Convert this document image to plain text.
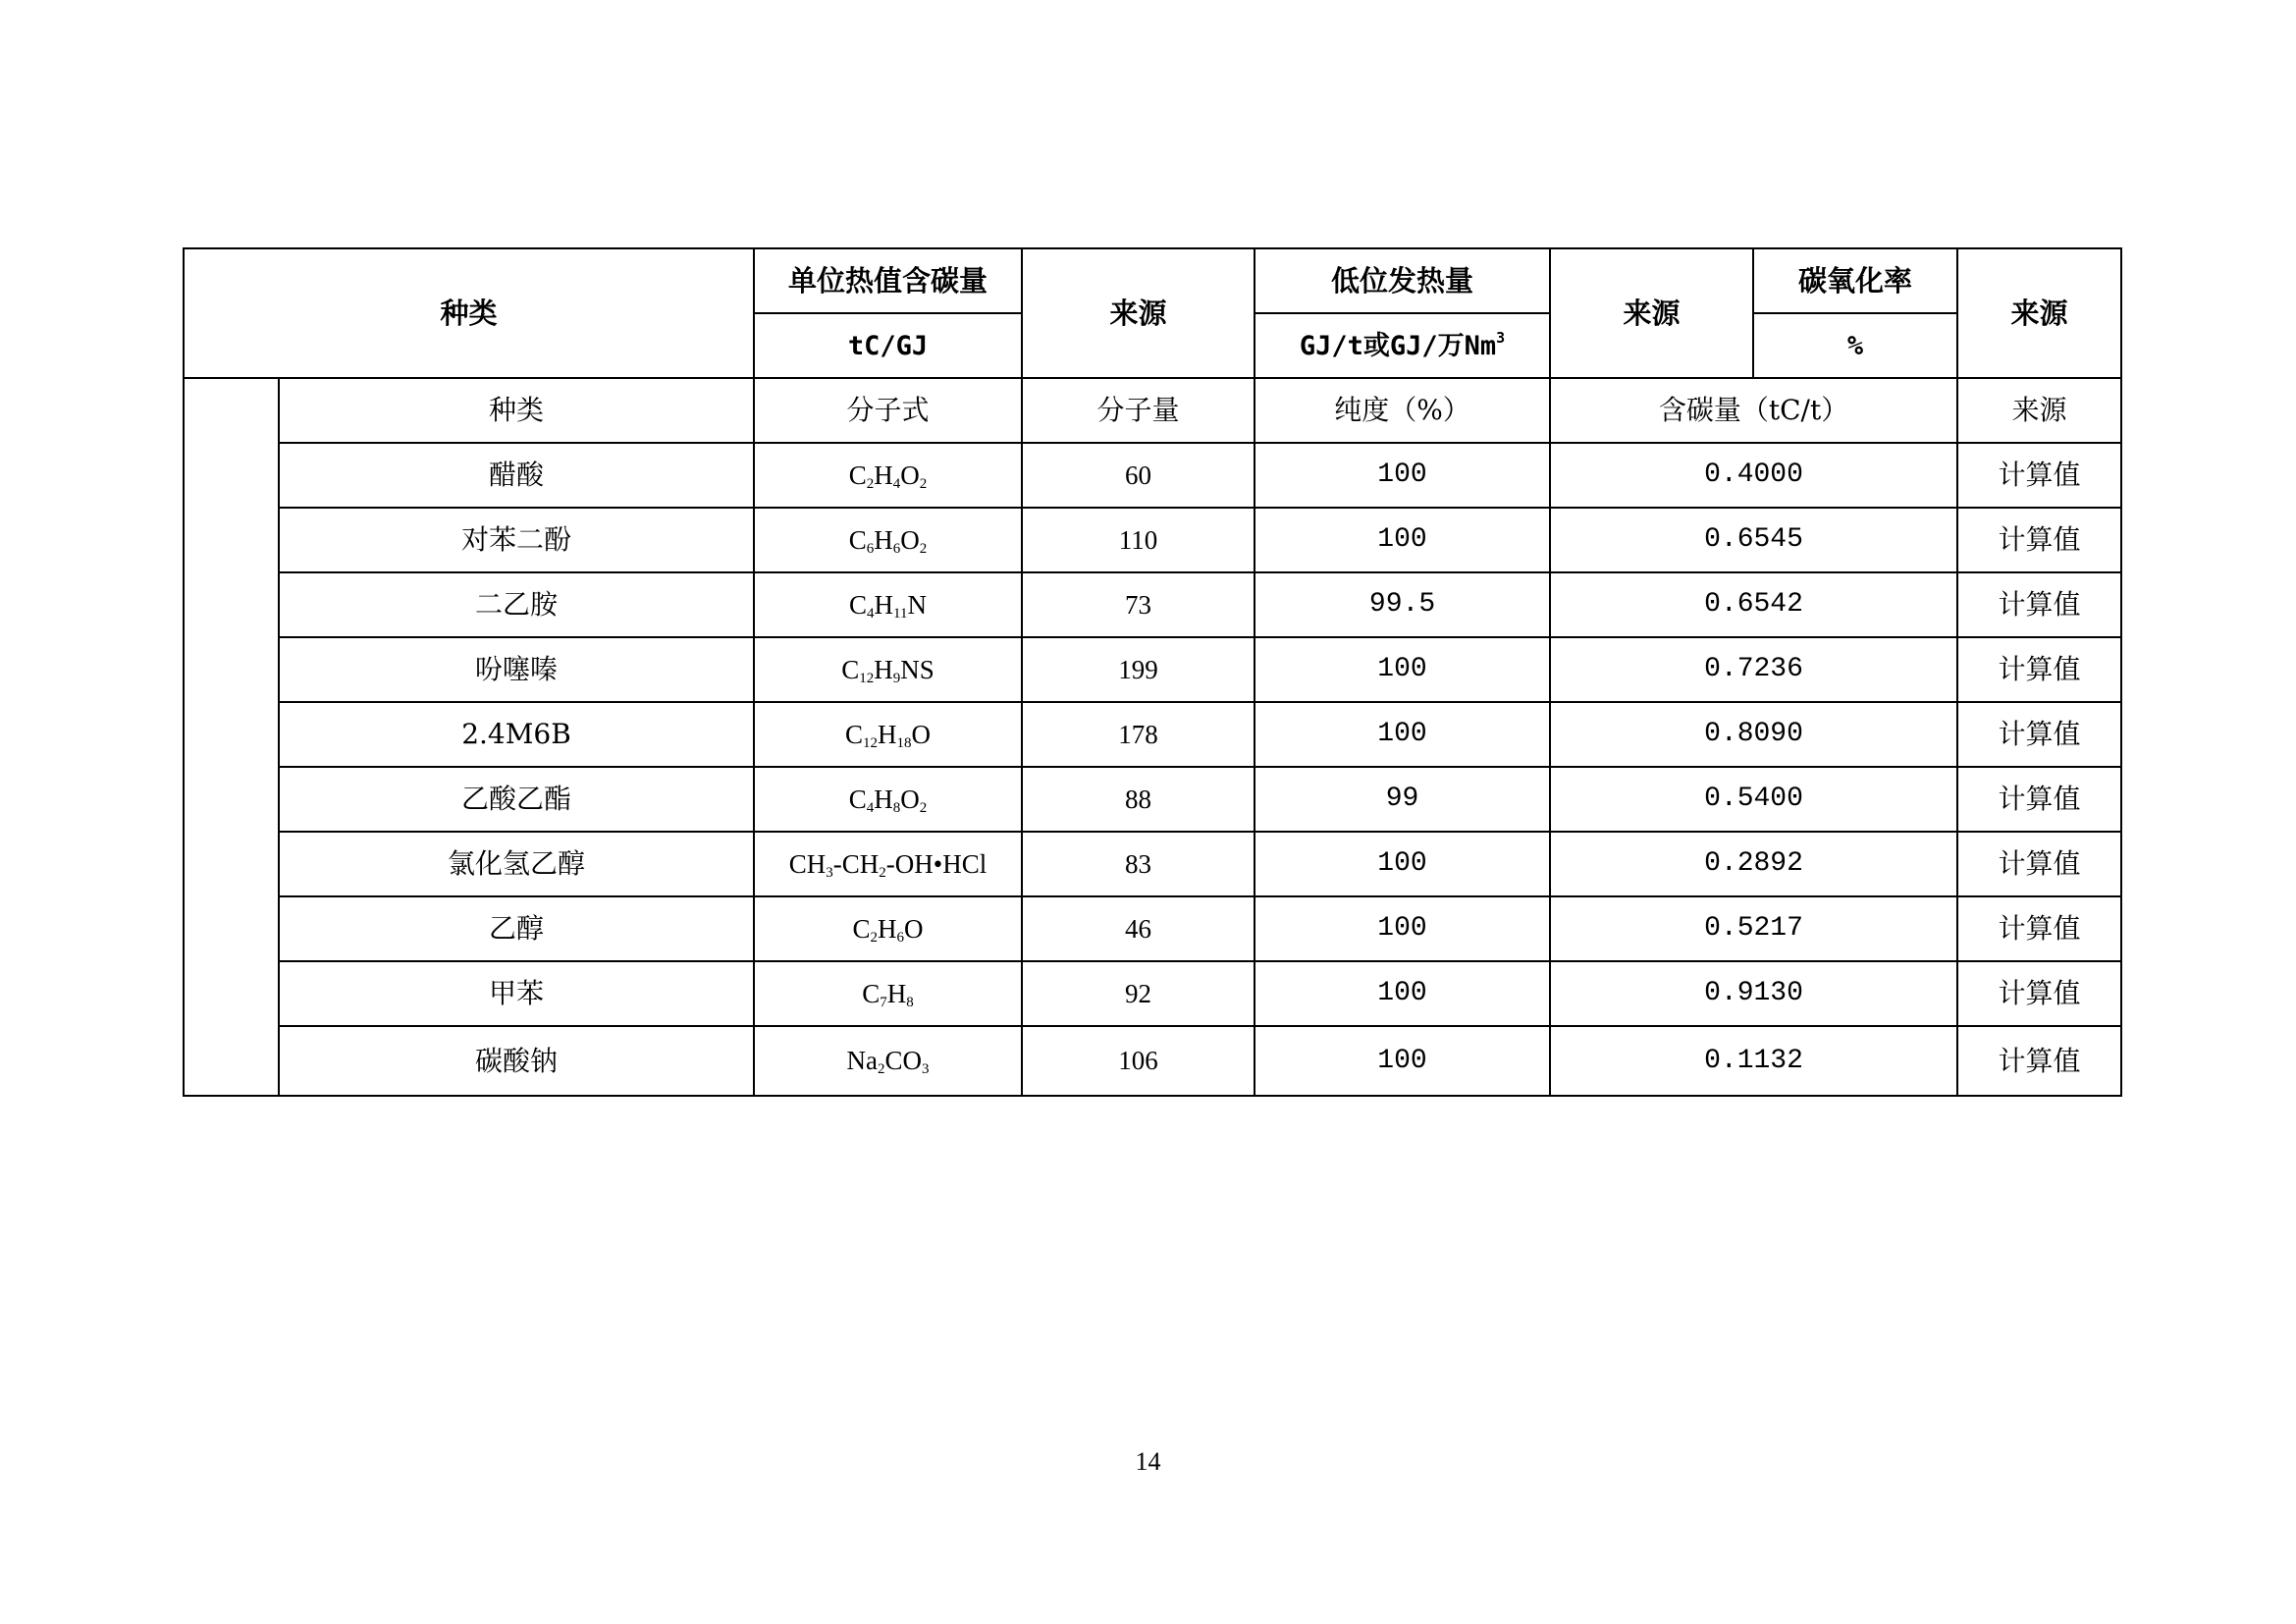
种类		单位热值含碳量	来源	低位发热量	来源	碳氧化率	来源
		tC/GJ		GJ/t或GJ/万Nm$^3$		%	
	种类	分子式	分子量	纯度（%）	含碳量（tC/t）		来源
	醋酸	$C_2H_4O_2$	60	100	0.4000		计算值
	对苯二酚	$C_6H_6O_2$	110	100	0.6545		计算值
	二乙胺	$C_4H_{11}N$	73	99.5	0.6542		计算值
	吩噻嗪	$C_{12}H_9NS$	199	100	0.7236		计算值
	2.4M6B	$C_{12}H_{18}O$	178	100	0.8090		计算值
	乙酸乙酯	$C_4H_8O_2$	88	99	0.5400		计算值
	氯化氢乙醇	$CH_3-CH_2-OH•HCl$	83	100	0.2892		计算值
	乙醇	$C_2H_6O$	46	100	0.5217		计算值
	甲苯	$C_7H_8$	92	100	0.9130		计算值
	碳酸钠	$Na_2CO_3$	106	100	0.1132		计算值
14
